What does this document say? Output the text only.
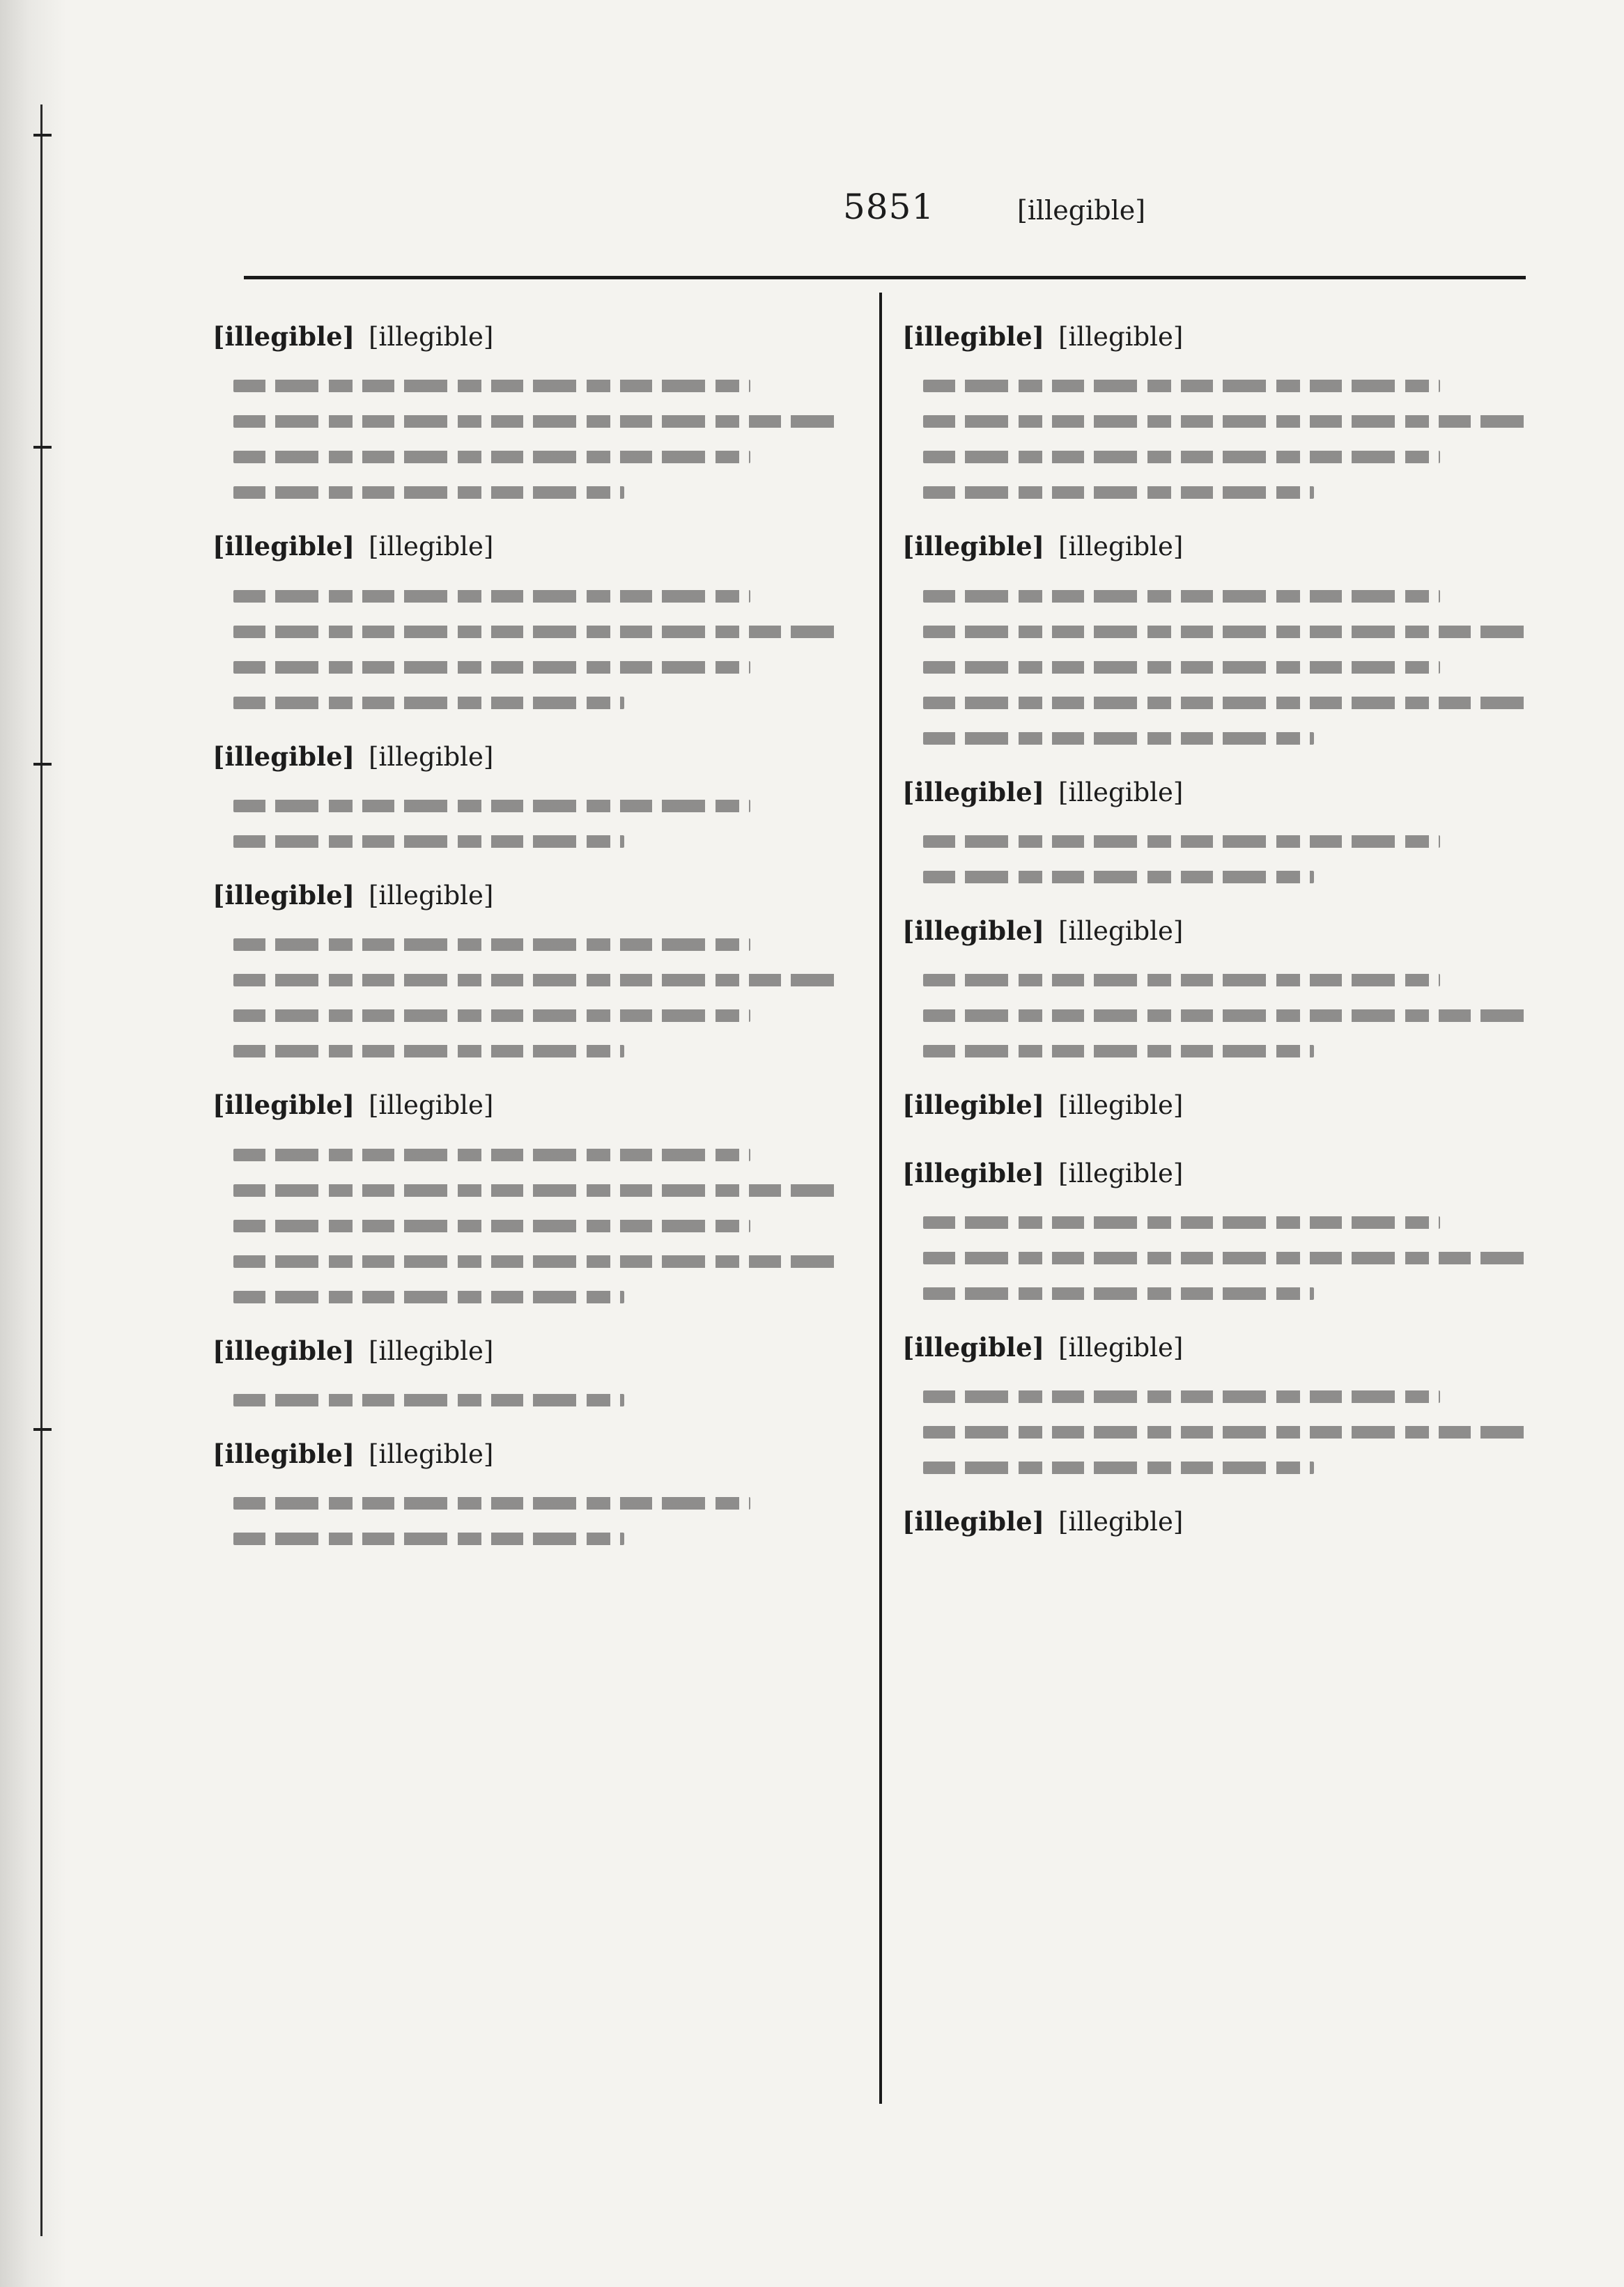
5851	[illegible]
[illegible] [illegible]
[illegible] [illegible]
[illegible] [illegible]
[illegible] [illegible]
[illegible] [illegible]
[illegible] [illegible]
[illegible] [illegible]
[illegible] [illegible]
[illegible] [illegible]
[illegible] [illegible]
[illegible] [illegible]
[illegible] [illegible]
[illegible] [illegible]
[illegible] [illegible]
[illegible] [illegible]
